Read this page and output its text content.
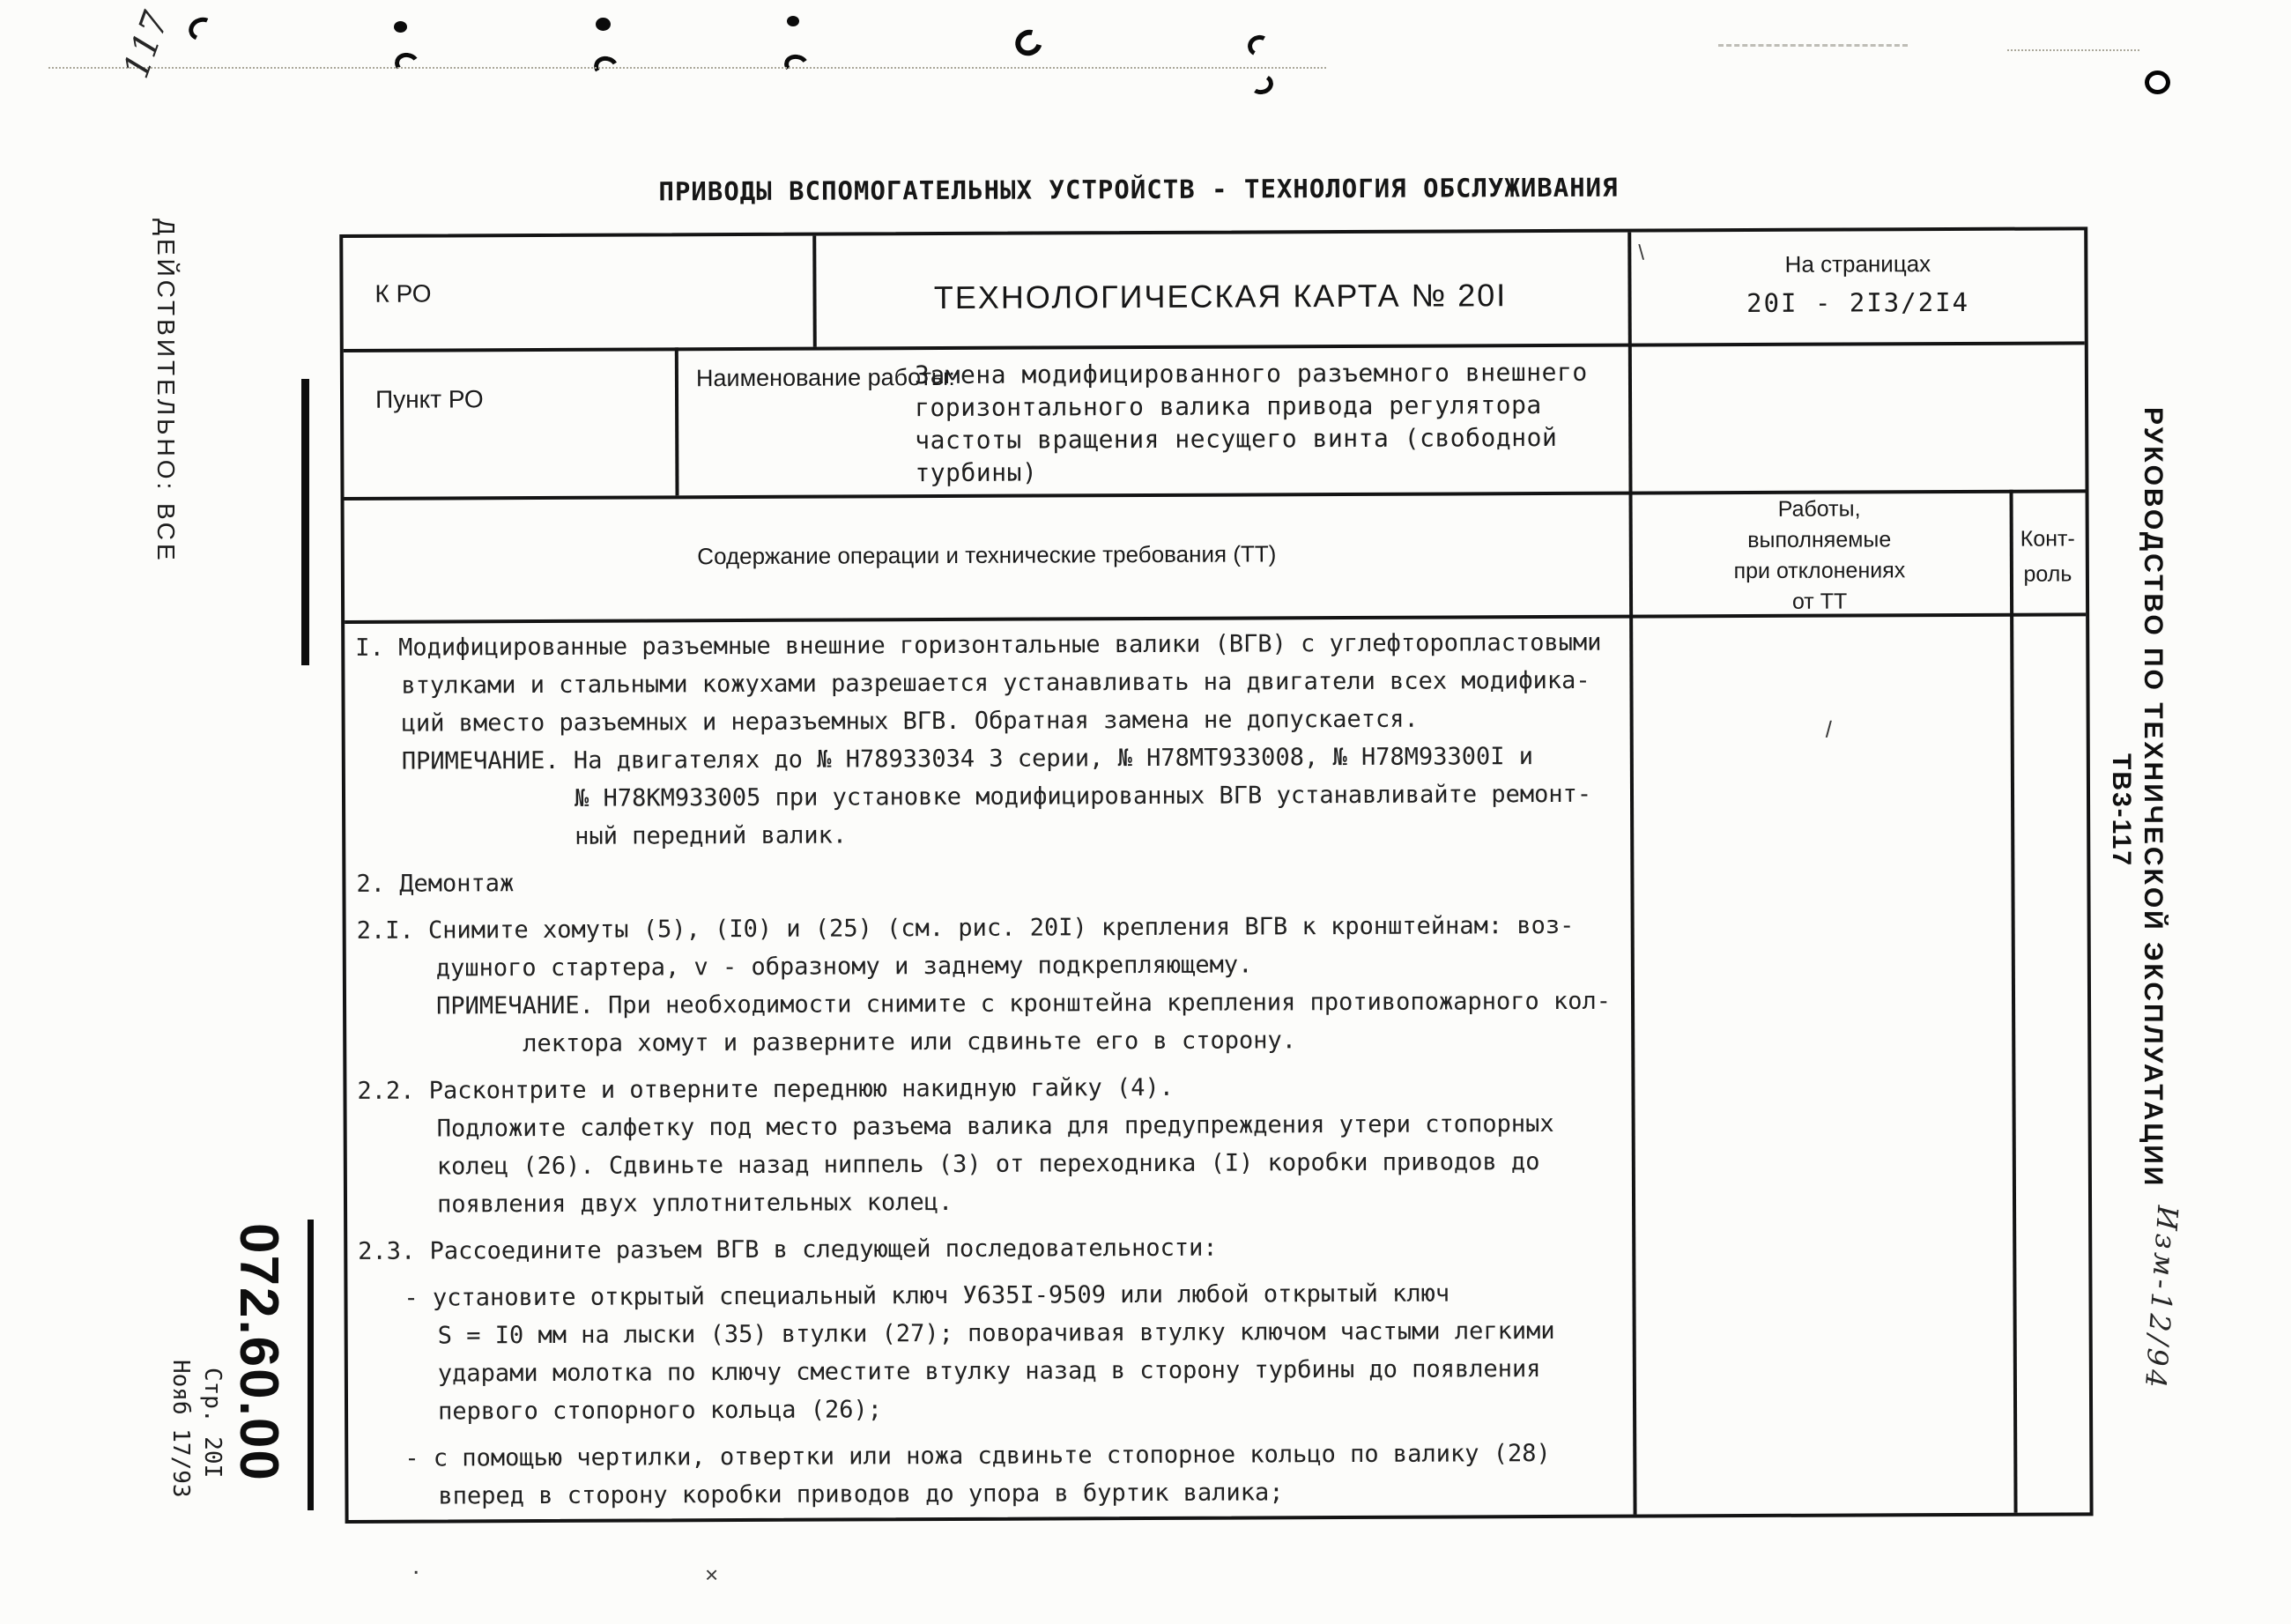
117
ПРИВОДЫ ВСПОМОГАТЕЛЬНЫХ УСТРОЙСТВ - ТЕХНОЛОГИЯ ОБСЛУЖИВАНИЯ
К РО	ТЕХНОЛОГИЧЕСКАЯ КАРТА № 20I
На страницах
20I - 2I3/2I4
Пункт РО
Наименование работы:
Замена модифицированного разъемного внешнего
горизонтального валика привода регулятора
частоты вращения несущего винта (свободной
турбины)
Содержание операции и технические требования (ТТ)
Работы,
выполняемые
при отклонениях
от ТТ
Конт-
роль
I. Модифицированные разъемные внешние горизонтальные валики (ВГВ) с углефторопластовыми
втулками и стальными кожухами разрешается устанавливать на двигатели всех модифика-
ций вместо разъемных и неразъемных ВГВ. Обратная замена не допускается.
ПРИМЕЧАНИЕ. На двигателях до № Н78933034 3 серии, № Н78МТ933008, № Н78М93300I и
№ Н78КМ933005 при установке модифицированных ВГВ устанавливайте ремонт-
ный передний валик.
2. Демонтаж
2.I. Снимите хомуты (5), (I0) и (25) (см. рис. 20I) крепления ВГВ к кронштейнам: воз-
душного стартера, v - образному и заднему подкрепляющему.
ПРИМЕЧАНИЕ. При необходимости снимите с кронштейна крепления противопожарного кол-
лектора хомут и разверните или сдвиньте его в сторону.
2.2. Расконтрите и отверните переднюю накидную гайку (4).
Подложите салфетку под место разъема валика для предупреждения утери стопорных
колец (26). Сдвиньте назад ниппель (3) от переходника (I) коробки приводов до
появления двух уплотнительных колец.
2.3. Рассоедините разъем ВГВ в следующей последовательности:
- установите открытый специальный ключ У635I-9509 или любой открытый ключ
S = I0 мм на лыски (35) втулки (27); поворачивая втулку ключом частыми легкими
ударами молотка по ключу сместите втулку назад в сторону турбины до появления
первого стопорного кольца (26);
- с помощью чертилки, отвертки или ножа сдвиньте стопорное кольцо по валику (28)
вперед в сторону коробки приводов до упора в буртик валика;
/
\
ДЕЙСТВИТЕЛЬНО: ВСЕ
072.60.00
Стр. 20I
Нояб 17/93
ТВ3-117 РУКОВОДСТВО ПО ТЕХНИЧЕСКОЙ ЭКСПЛУАТАЦИИ
Изм-12/94
×
.
